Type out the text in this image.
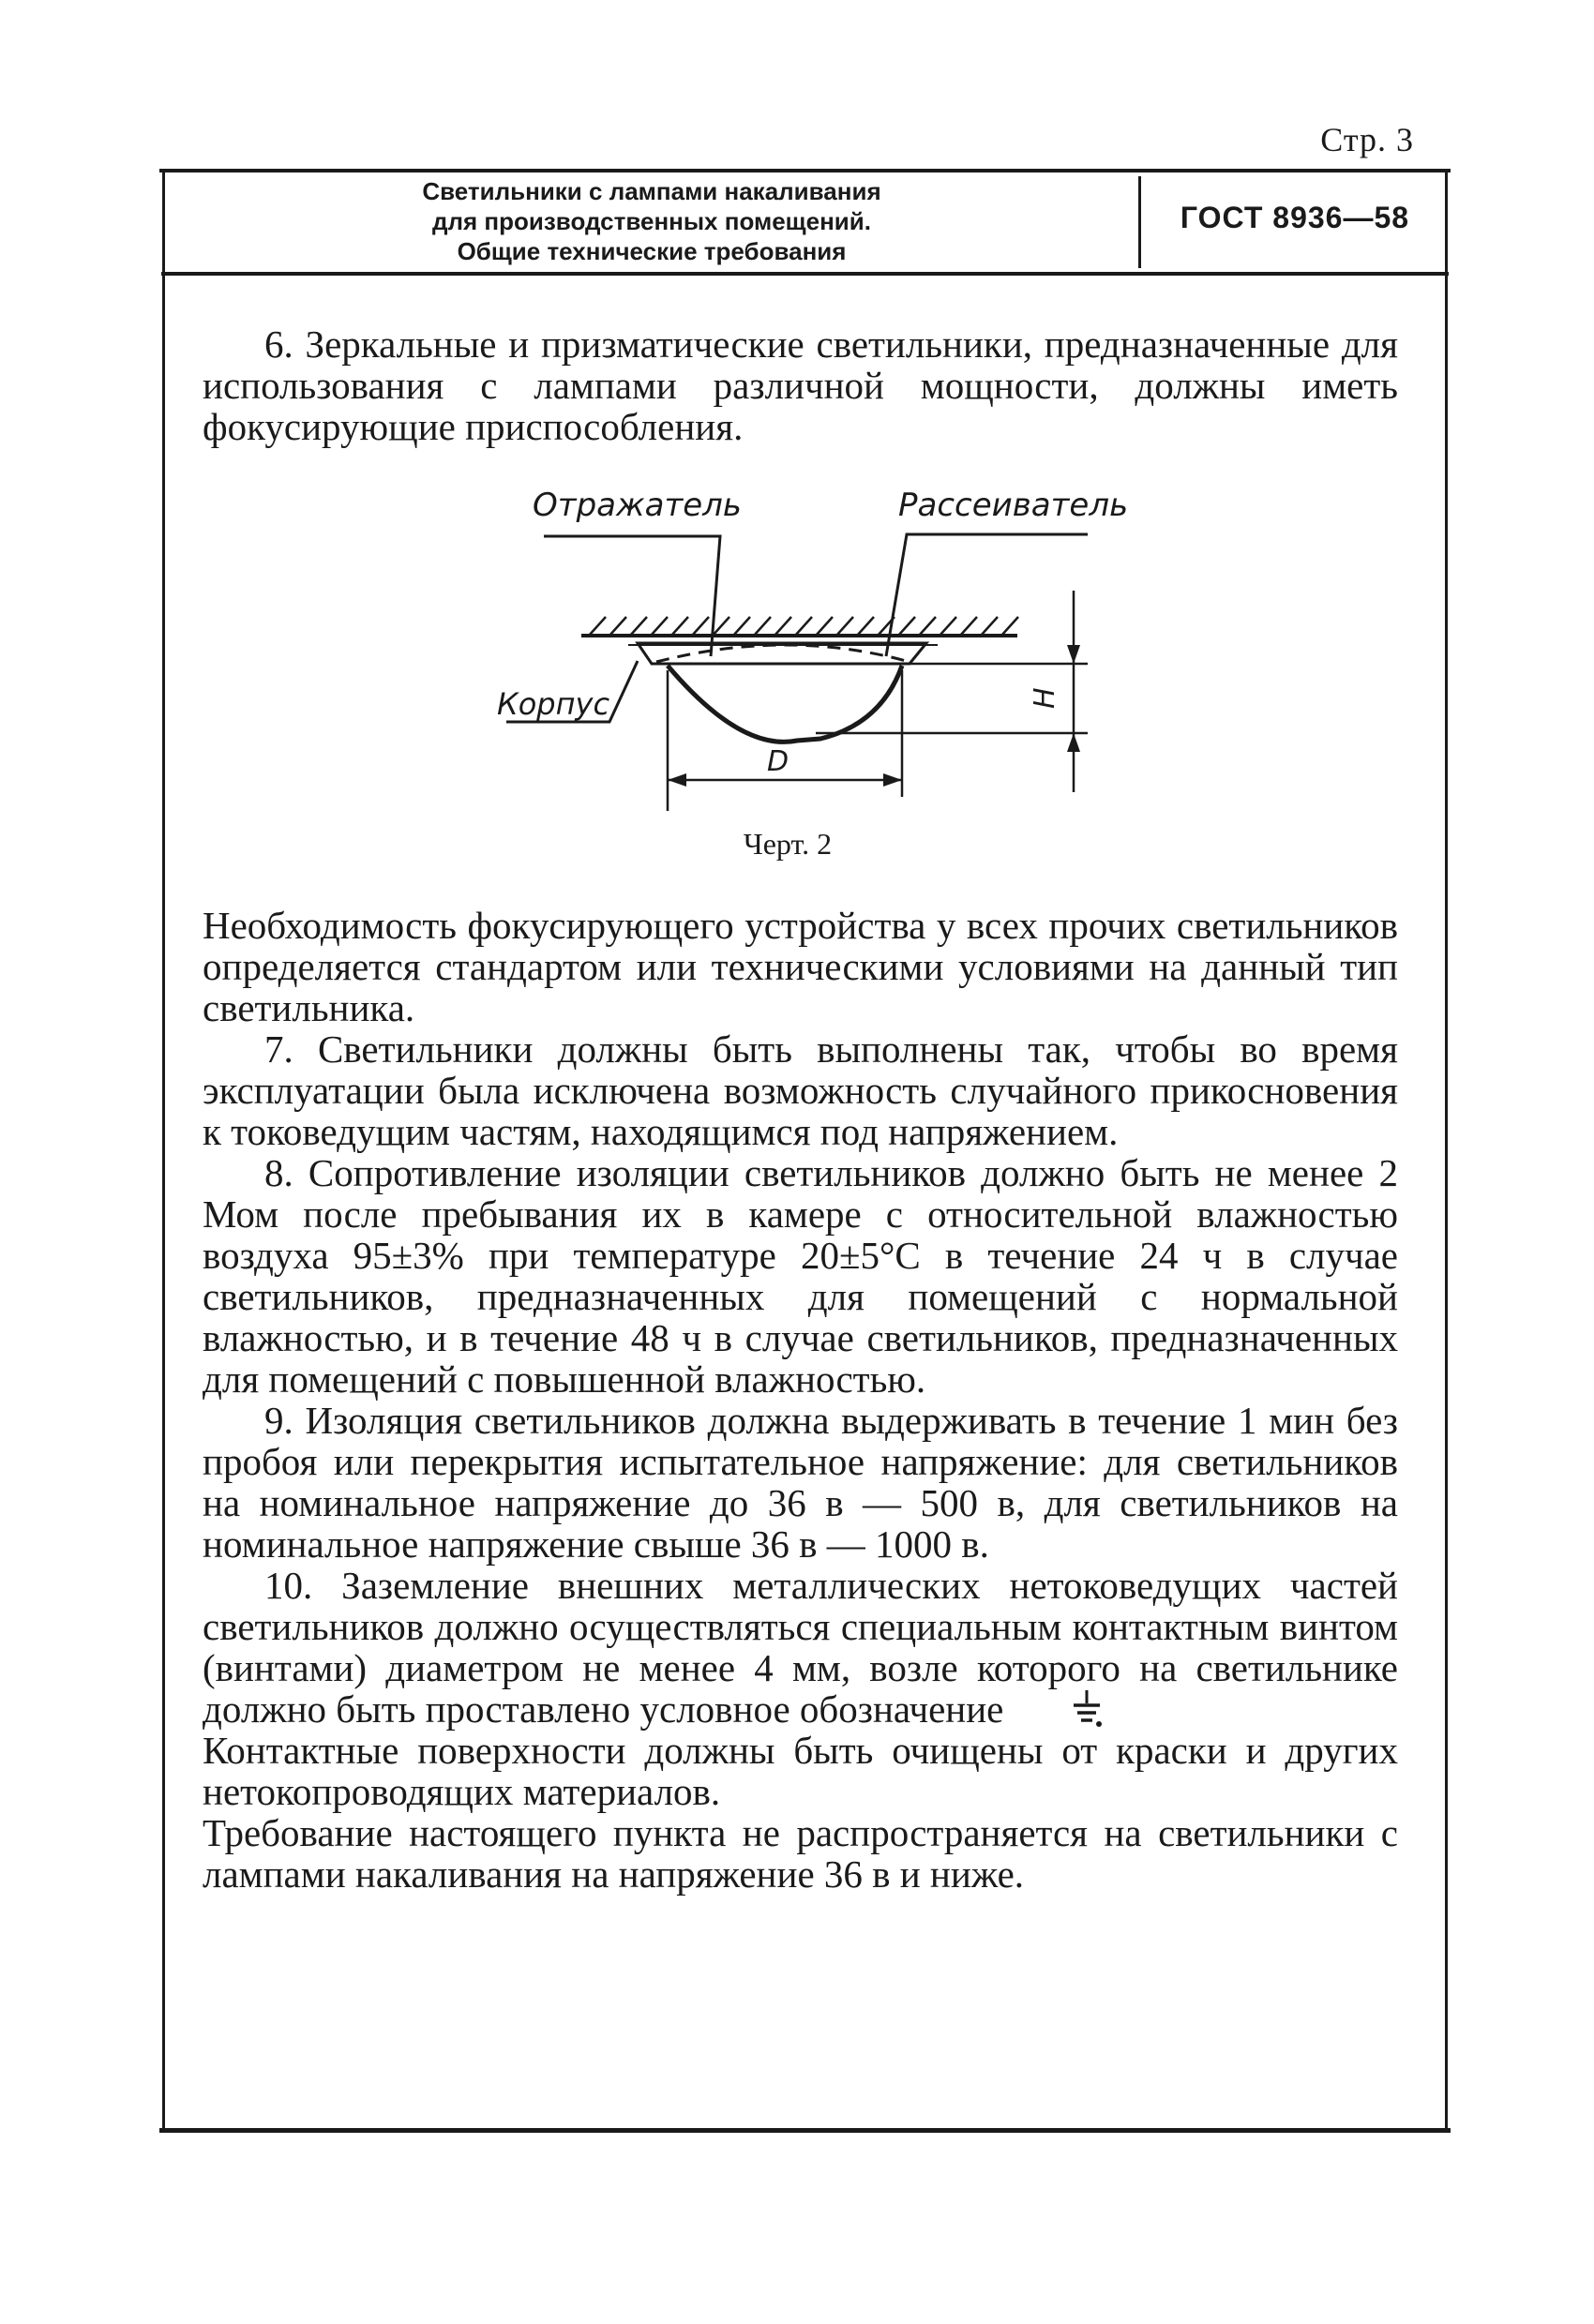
Стр. 3
Светильники с лампами накаливания
для производственных помещений.
Общие технические требования
ГОСТ 8936—58

6. Зеркальные и призматические светильники, предназначенные для использования с лампами различной мощности, должны иметь фокусирующие приспособления.

Отражатель	Рассеиватель
Корпус	H
D
Черт. 2

Необходимость фокусирующего устройства у всех прочих светильников определяется стандартом или техническими условиями на данный тип светильника.

7. Светильники должны быть выполнены так, чтобы во время эксплуатации была исключена возможность случайного прикосновения к токоведущим частям, находящимся под напряжением.

8. Сопротивление изоляции светильников должно быть не менее 2 Мом после пребывания их в камере с относительной влажностью воздуха 95±3% при температуре 20±5°С в течение 24 ч в случае светильников, предназначенных для помещений с нормальной влажностью, и в течение 48 ч в случае светильников, предназначенных для помещений с повышенной влажностью.

9. Изоляция светильников должна выдерживать в течение 1 мин без пробоя или перекрытия испытательное напряжение: для светильников на номинальное напряжение до 36 в — 500 в, для светильников на номинальное напряжение свыше 36 в — 1000 в.

10. Заземление внешних металлических нетоковедущих частей светильников должно осуществляться специальным контактным винтом (винтами) диаметром не менее 4 мм, возле которого на светильнике должно быть проставлено условное обозначение

Контактные поверхности должны быть очищены от краски и других нетокопроводящих материалов.

Требование настоящего пункта не распространяется на светильники с лампами накаливания на напряжение 36 в и ниже.
